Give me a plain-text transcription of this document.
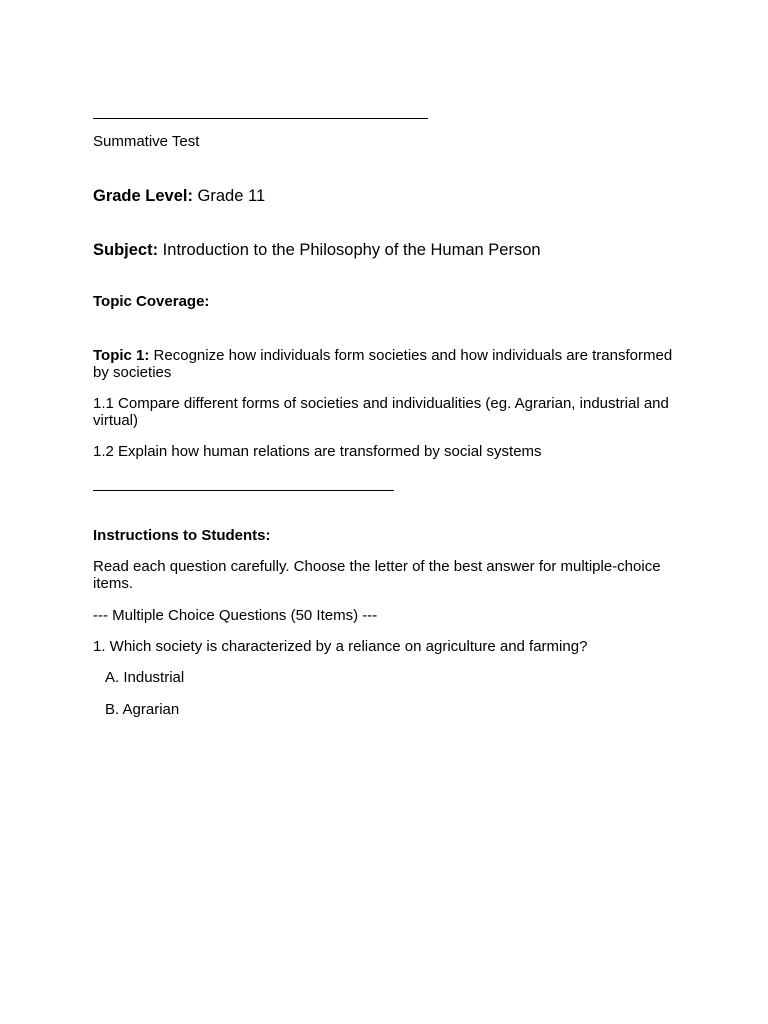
Summative Test

Grade Level: Grade 11

Subject: Introduction to the Philosophy of the Human Person

Topic Coverage:

Topic 1: Recognize how individuals form societies and how individuals are transformed by societies

1.1 Compare different forms of societies and individualities (eg. Agrarian, industrial and virtual)

1.2 Explain how human relations are transformed by social systems

Instructions to Students:

Read each question carefully. Choose the letter of the best answer for multiple-choice items.

--- Multiple Choice Questions (50 Items) ---

1. Which society is characterized by a reliance on agriculture and farming?

A. Industrial

B. Agrarian
